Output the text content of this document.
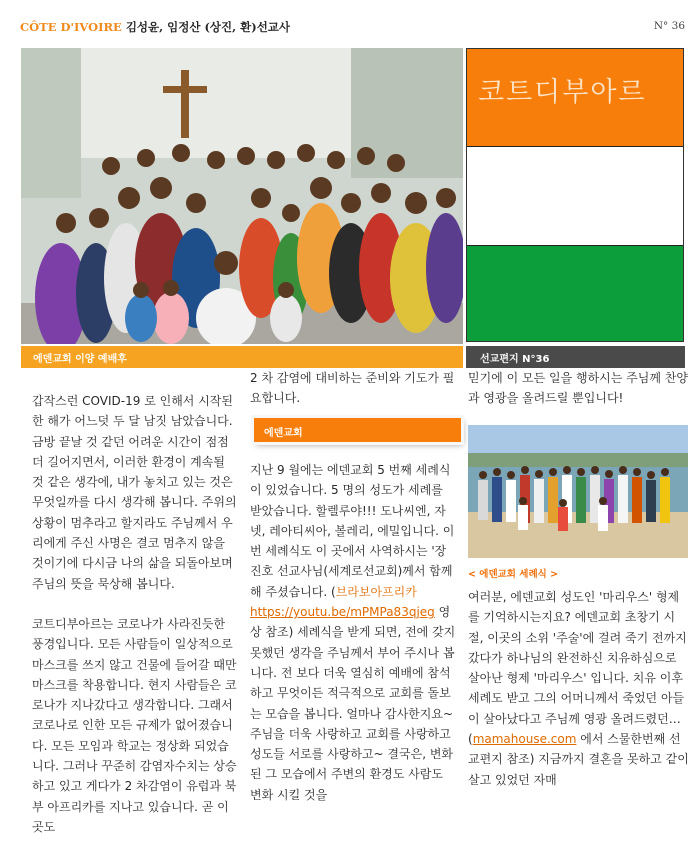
CÔTE D'IVOIRE 김성윤, 임정산 (상진, 환)선교사	N° 36
코트디부아르
에덴교회 이양 예배후	선교편지 N°36

갑작스런 COVID-19 로 인해서 시작된 한 해가 어느덧 두 달 남짓 남았습니다. 금방 끝날 것 같던 어려운 시간이 점점 더 길어지면서, 이러한 환경이 계속될 것 같은 생각에, 내가 놓치고 있는 것은 무엇일까를 다시 생각해 봅니다. 주위의 상황이 멈추라고 할지라도 주님께서 우리에게 주신 사명은 결코 멈추지 않을 것이기에 다시금 나의 삶을 되돌아보며 주님의 뜻을 묵상해 봅니다.

코트디부아르는 코로나가 사라진듯한 풍경입니다. 모든 사람들이 일상적으로 마스크를 쓰지 않고 건물에 들어갈 때만 마스크를 착용합니다. 현지 사람들은 코로나가 지나갔다고 생각합니다. 그래서 코로나로 인한 모든 규제가 없어졌습니다. 모든 모임과 학교는 정상화 되었습니다. 그러나 꾸준히 감염자수치는 상승하고 있고 게다가 2 차감염이 유럽과 북부 아프리카를 지나고 있습니다. 곧 이곳도

2 차 감염에 대비하는 준비와 기도가 필요합니다.

에덴교회

지난 9 월에는 에덴교회 5 번째 세례식이 있었습니다. 5 명의 성도가 세례를 받았습니다. 할렐루야!!! 도나씨엔, 자넷, 레아티씨아, 볼레리, 에밀입니다. 이 번 세례식도 이 곳에서 사역하시는 '장진호 선교사님(세계로선교회)께서 함께 해 주셨습니다. (브라보아프리카
https://youtu.be/mPMPa83qjeg 영상 참조) 세례식을 받게 되면, 전에 갖지 못했던 생각을 주님께서 부어 주시나 봅니다. 전 보다 더욱 열심히 예배에 참석하고 무엇이든 적극적으로 교회를 돌보는 모습을 봅니다. 얼마나 감사한지요~ 주님을 더욱 사랑하고 교회를 사랑하고 성도들 서로를 사랑하고~ 결국은, 변화된 그 모습에서 주변의 환경도 사람도 변화 시킬 것을

믿기에 이 모든 일을 행하시는 주님께 찬양과 영광을 올려드릴 뿐입니다!

< 에덴교회 세례식 >

여러분, 에덴교회 성도인 '마리우스' 형제를 기억하시는지요? 에덴교회 초창기 시절, 이곳의 소위 '주술'에 걸려 죽기 전까지 갔다가 하나님의 완전하신 치유하심으로 살아난 형제 '마리우스' 입니다. 치유 이후 세례도 받고 그의 어머니께서 죽었던 아들이 살아났다고 주님께 영광 올려드렸던…(mamahouse.com 에서 스물한번째 선교편지 참조) 지금까지 결혼을 못하고 같이 살고 있었던 자매
